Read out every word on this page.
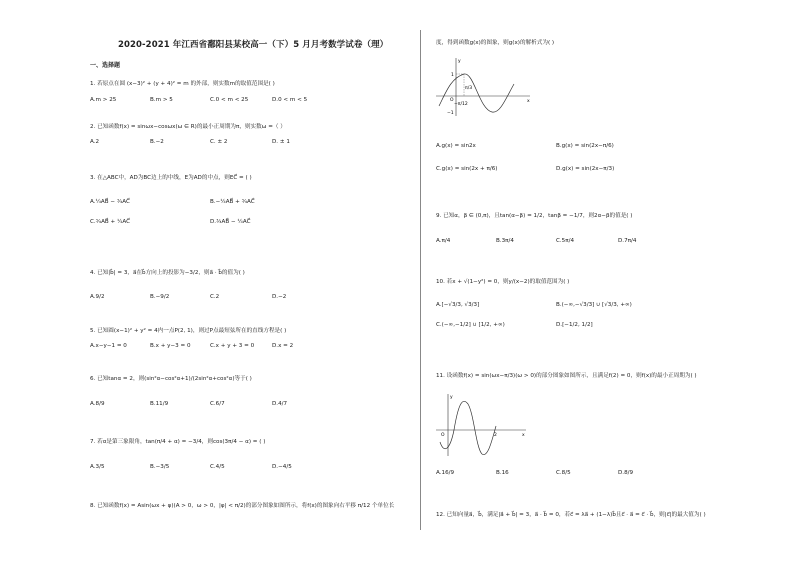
2020-2021 年江西省鄱阳县某校高一（下）5 月月考数学试卷（理）
一、选择题
1. 若原点在圆 (x−3)² + (y + 4)² = m 的外部，则实数m的取值范围是( )
A.m > 25	B.m > 5	C.0 < m < 25	D.0 < m < 5
2. 已知函数f(x) = sinωx−cosωx(ω ∈ R)的最小正周期为π，则实数ω =（ ）
A.2	B.−2	C. ± 2	D. ± 1
3. 在△ABC中，AD为BC边上的中线，E为AD的中点，则EC⃗ = ( )
A.¼AB⃗ − ¾AC⃗	B.−¼AB⃗ + ¾AC⃗
C.¾AB⃗ + ¼AC⃗	D.¾AB⃗ − ¼AC⃗
4. 已知|b⃗| = 3，a⃗在b⃗方向上的投影为−3/2，则a⃗ · b⃗的值为( )
A.9/2	B.−9/2	C.2	D.−2
5. 已知圆(x−1)² + y² = 4内一点P(2, 1)，则过P点最短弦所在的直线方程是( )
A.x−y−1 = 0	B.x + y−3 = 0	C.x + y + 3 = 0	D.x = 2
6. 已知tanα = 2，则(sin²α−cos²α+1)/(2sin²α+cos²α)等于( )
A.8/9	B.11/9	C.6/7	D.4/7
7. 若α是第三象限角，tan(π/4 + α) = −3/4，则cos(3π/4 − α) = ( )
A.3/5	B.−3/5	C.4/5	D.−4/5
8. 已知函数f(x) = Asin(ωx + φ)(A > 0，ω > 0，|φ| < π/2)的部分图象如图所示，将f(x)的图象向右平移 π/12 个单位长
度，得到函数g(x)的图象，则g(x)的解析式为( )
π/3
−π/12
O	x
y
1
−1
A.g(x) = sin2x	B.g(x) = sin(2x−π/6)
C.g(x) = sin(2x + π/6)	D.g(x) = sin(2x−π/3)
9. 已知α，β ∈ (0,π)，且tan(α−β) = 1/2，tanβ = −1/7，则2α−β的值是( )
A.π/4	B.3π/4	C.5π/4	D.7π/4
10. 若x + √(1−y²) = 0，则y/(x−2)的取值范围为( )
A.[−√3/3, √3/3]	B.(−∞,−√3/3] ∪ [√3/3, +∞)
C.(−∞,−1/2] ∪ [1/2, +∞)	D.[−1/2, 1/2]
11. 设函数f(x) = sin(ωx−π/3)(ω > 0)的部分图象如图所示，且满足f(2) = 0，则f(x)的最小正周期为( )
O	2	x
y
A.16/9	B.16	C.8/5	D.8/9
12. 已知向量a⃗，b⃗，满足|a⃗ + b⃗| = 3，a⃗ · b⃗ = 0，若c⃗ = λa⃗ + (1−λ)b⃗且c⃗ · a⃗ = c⃗ · b⃗，则|c⃗|的最大值为( )
